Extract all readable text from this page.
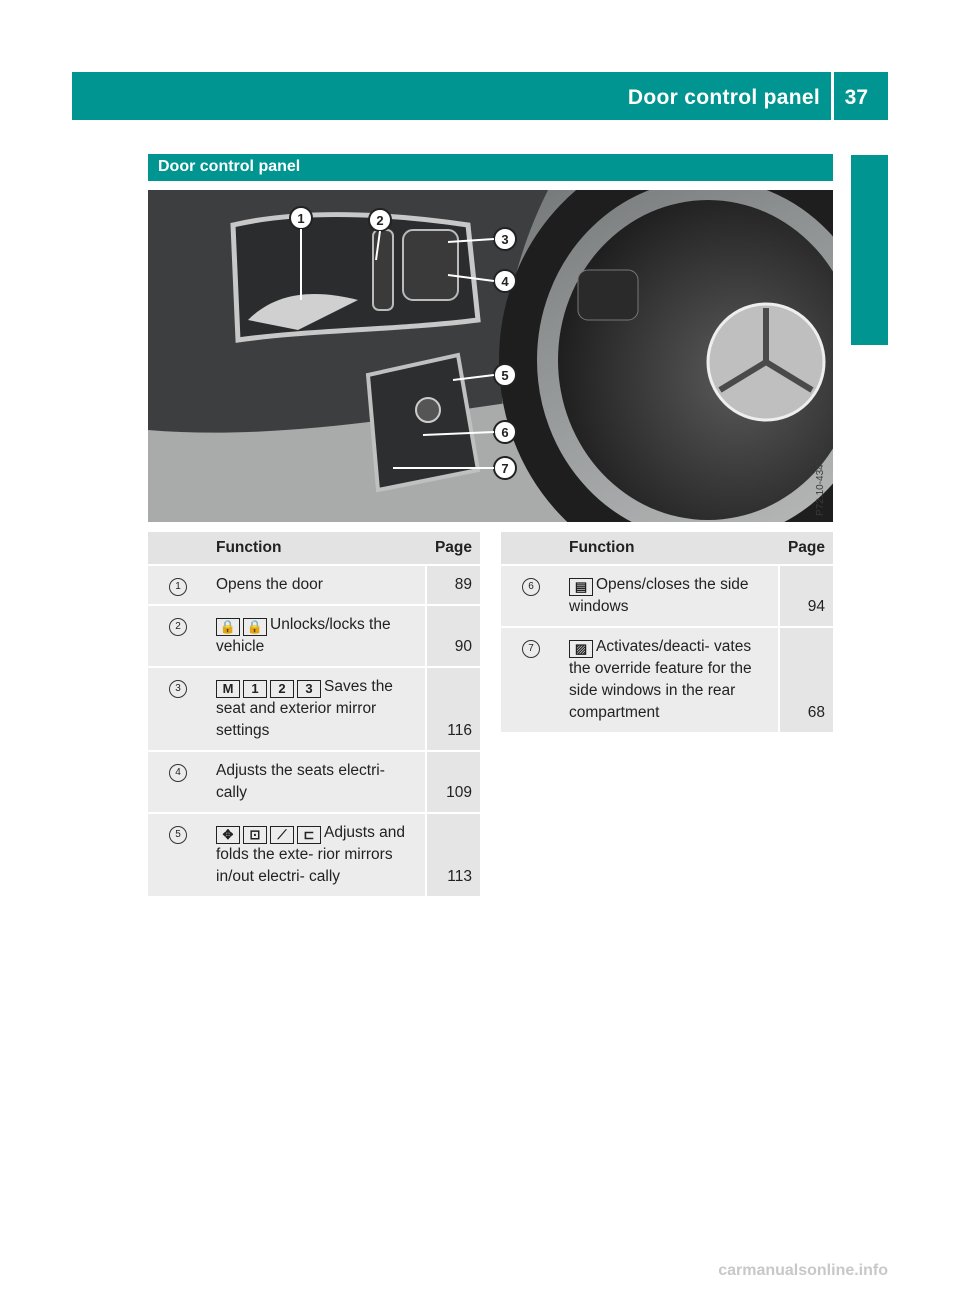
Door control panel 37
At a glance
Door control panel
1	2
3
4
5
6
7	P72.10-4347-31
	Function	Page
1	Opens the door	89
2	🔒 🔒 Unlocks/locks the vehicle	90
3	M 1 2 3 Saves the seat and exterior mirror settings	116
4	Adjusts the seats electri- cally	109
5	✥ ⊡ ⟋ ⊏ Adjusts and folds the exte- rior mirrors in/out electri- cally	113
	Function	Page
6	▤ Opens/closes the side windows	94
7	▨ Activates/deacti- vates the override feature for the side windows in the rear compartment	68
carmanualsonline.info
